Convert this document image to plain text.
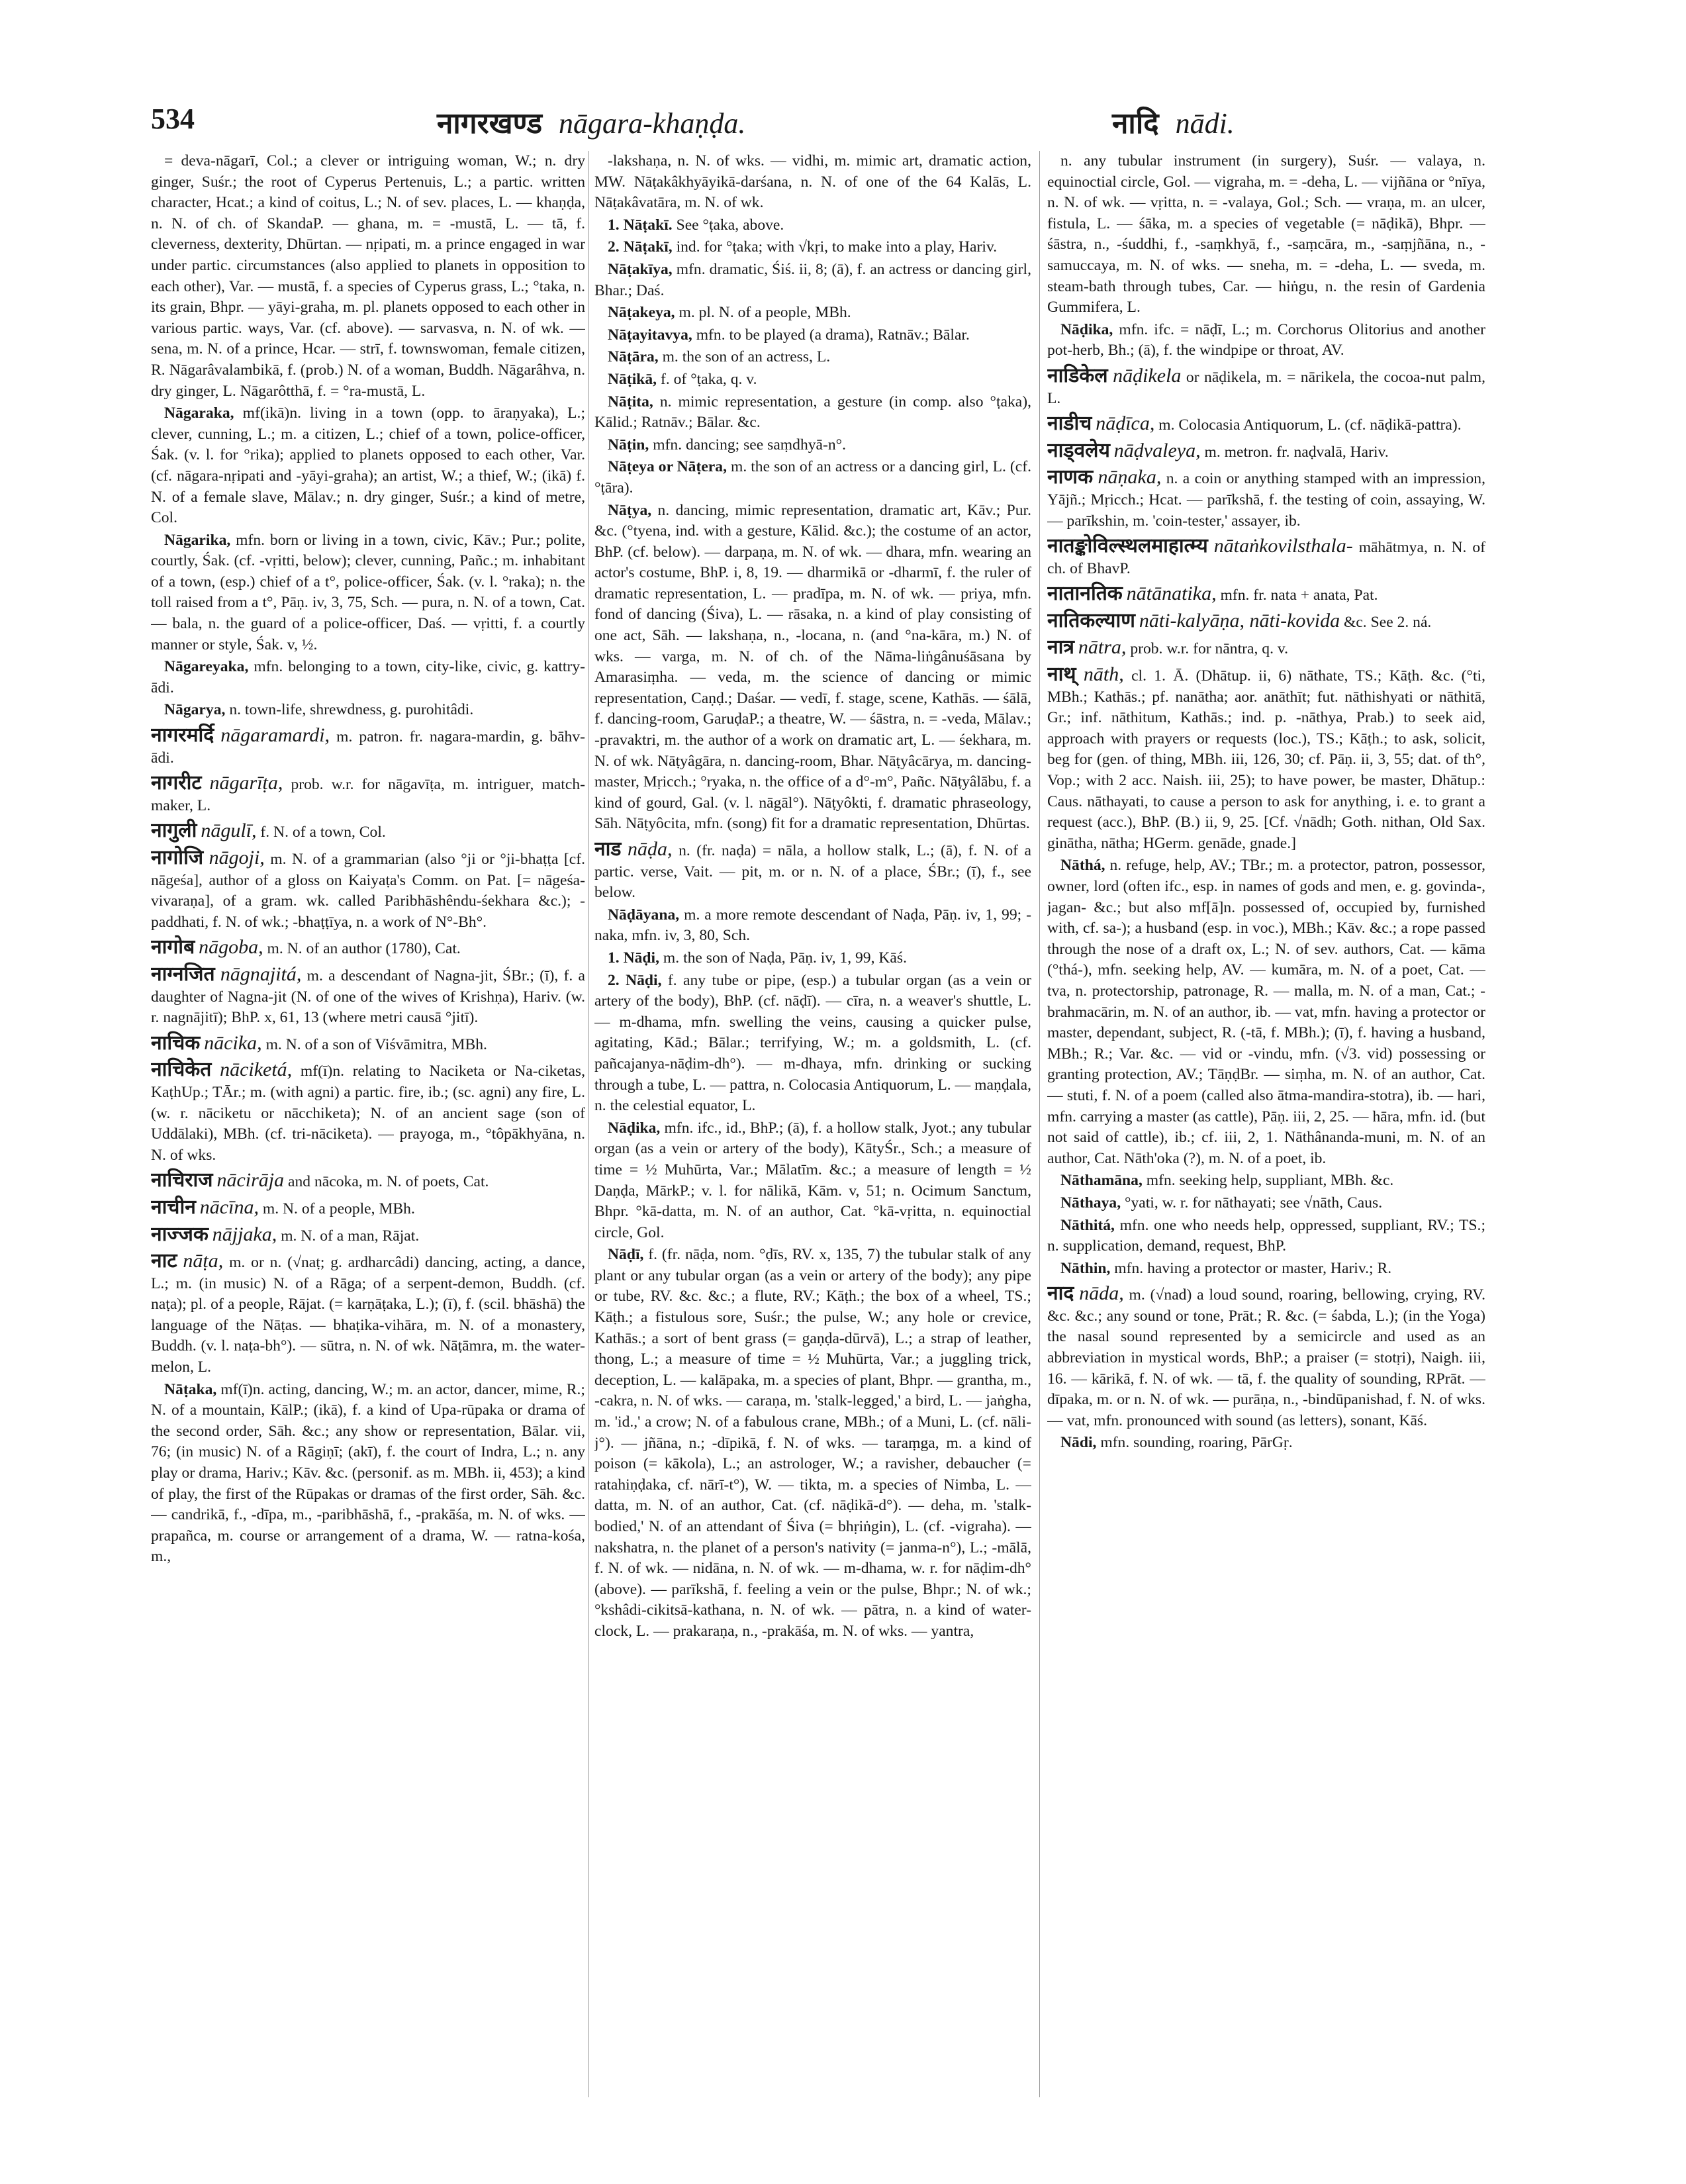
534	नागरखण्ड nāgara-khaṇḍa.	नादि nādi.

= deva-nāgarī, Col.; a clever or intriguing woman, W.; n. dry ginger, Suśr.; the root of Cyperus Pertenuis, L.; a partic. written character, Hcat.; a kind of coitus, L.; N. of sev. places, L. — khaṇḍa, n. N. of ch. of SkandaP. — ghana, m. = -mustā, L. — tā, f. cleverness, dexterity, Dhūrtan. — nṛipati, m. a prince engaged in war under partic. circumstances (also applied to planets in opposition to each other), Var. — mustā, f. a species of Cyperus grass, L.; °taka, n. its grain, Bhpr. — yāyi-graha, m. pl. planets opposed to each other in various partic. ways, Var. (cf. above). — sarvasva, n. N. of wk. — sena, m. N. of a prince, Hcar. — strī, f. townswoman, female citizen, R. Nāgarâvalambikā, f. (prob.) N. of a woman, Buddh. Nāgarâhva, n. dry ginger, L. Nāgarôtthā, f. = °ra-mustā, L.

Nāgaraka, mf(ikā)n. living in a town (opp. to āraṇyaka), L.; clever, cunning, L.; m. a citizen, L.; chief of a town, police-officer, Śak. (v. l. for °rika); applied to planets opposed to each other, Var. (cf. nāgara-nṛipati and -yāyi-graha); an artist, W.; a thief, W.; (ikā) f. N. of a female slave, Mālav.; n. dry ginger, Suśr.; a kind of metre, Col.

Nāgarika, mfn. born or living in a town, civic, Kāv.; Pur.; polite, courtly, Śak. (cf. -vṛitti, below); clever, cunning, Pañc.; m. inhabitant of a town, (esp.) chief of a t°, police-officer, Śak. (v. l. °raka); n. the toll raised from a t°, Pāṇ. iv, 3, 75, Sch. — pura, n. N. of a town, Cat. — bala, n. the guard of a police-officer, Daś. — vṛitti, f. a courtly manner or style, Śak. v, ½.

Nāgareyaka, mfn. belonging to a town, city-like, civic, g. kattry-ādi.

Nāgarya, n. town-life, shrewdness, g. purohitâdi.

नागरमर्दि nāgaramardi, m. patron. fr. nagara-mardin, g. bāhv-ādi.

नागरीट nāgarīṭa, prob. w.r. for nāgavīṭa, m. intriguer, match-maker, L.

नागुली nāgulī, f. N. of a town, Col.

नागोजि nāgoji, m. N. of a grammarian (also °ji or °ji-bhaṭṭa [cf. nāgeśa], author of a gloss on Kaiyaṭa's Comm. on Pat. [= nāgeśa-vivaraṇa], of a gram. wk. called Paribhāshêndu-śekhara &c.); -paddhati, f. N. of wk.; -bhaṭṭīya, n. a work of N°-Bh°.

नागोब nāgoba, m. N. of an author (1780), Cat.

नाग्नजित nāgnajitá, m. a descendant of Nagna-jit, ŚBr.; (ī), f. a daughter of Nagna-jit (N. of one of the wives of Krishṇa), Hariv. (w. r. nagnājitī); BhP. x, 61, 13 (where metri causā °jitī).

नाचिक nācika, m. N. of a son of Viśvāmitra, MBh.

नाचिकेत nāciketá, mf(ī)n. relating to Naciketa or Na-ciketas, KaṭhUp.; TĀr.; m. (with agni) a partic. fire, ib.; (sc. agni) any fire, L. (w. r. nāciketu or nācchiketa); N. of an ancient sage (son of Uddālaki), MBh. (cf. tri-nāciketa). — prayoga, m., °tôpākhyāna, n. N. of wks.

नाचिराज nācirāja and nācoka, m. N. of poets, Cat.

नाचीन nācīna, m. N. of a people, MBh.

नाज्जक nājjaka, m. N. of a man, Rājat.

नाट nāṭa, m. or n. (√naṭ; g. ardharcâdi) dancing, acting, a dance, L.; m. (in music) N. of a Rāga; of a serpent-demon, Buddh. (cf. naṭa); pl. of a people, Rājat. (= karṇāṭaka, L.); (ī), f. (scil. bhāshā) the language of the Nāṭas. — bhaṭika-vihāra, m. N. of a monastery, Buddh. (v. l. naṭa-bh°). — sūtra, n. N. of wk. Nāṭāmra, m. the water-melon, L.

Nāṭaka, mf(ī)n. acting, dancing, W.; m. an actor, dancer, mime, R.; N. of a mountain, KālP.; (ikā), f. a kind of Upa-rūpaka or drama of the second order, Sāh. &c.; any show or representation, Bālar. vii, 76; (in music) N. of a Rāgiṇī; (akī), f. the court of Indra, L.; n. any play or drama, Hariv.; Kāv. &c. (personif. as m. MBh. ii, 453); a kind of play, the first of the Rūpakas or dramas of the first order, Sāh. &c. — candrikā, f., -dīpa, m., -paribhāshā, f., -prakāśa, m. N. of wks. — prapañca, m. course or arrangement of a drama, W. — ratna-kośa, m.,

-lakshaṇa, n. N. of wks. — vidhi, m. mimic art, dramatic action, MW. Nāṭakâkhyāyikā-darśana, n. N. of one of the 64 Kalās, L. Nāṭakâvatāra, m. N. of wk.

1. Nāṭakī. See °ṭaka, above.

2. Nāṭakī, ind. for °ṭaka; with √kṛi, to make into a play, Hariv.

Nāṭakīya, mfn. dramatic, Śiś. ii, 8; (ā), f. an actress or dancing girl, Bhar.; Daś.

Nāṭakeya, m. pl. N. of a people, MBh.

Nāṭayitavya, mfn. to be played (a drama), Ratnāv.; Bālar.

Nāṭāra, m. the son of an actress, L.

Nāṭikā, f. of °ṭaka, q. v.

Nāṭita, n. mimic representation, a gesture (in comp. also °ṭaka), Kālid.; Ratnāv.; Bālar. &c.

Nāṭin, mfn. dancing; see saṃdhyā-n°.

Nāṭeya or Nāṭera, m. the son of an actress or a dancing girl, L. (cf. °ṭāra).

Nāṭya, n. dancing, mimic representation, dramatic art, Kāv.; Pur. &c. (°tyena, ind. with a gesture, Kālid. &c.); the costume of an actor, BhP. (cf. below). — darpaṇa, m. N. of wk. — dhara, mfn. wearing an actor's costume, BhP. i, 8, 19. — dharmikā or -dharmī, f. the ruler of dramatic representation, L. — pradīpa, m. N. of wk. — priya, mfn. fond of dancing (Śiva), L. — rāsaka, n. a kind of play consisting of one act, Sāh. — lakshaṇa, n., -locana, n. (and °na-kāra, m.) N. of wks. — varga, m. N. of ch. of the Nāma-liṅgânuśāsana by Amarasiṃha. — veda, m. the science of dancing or mimic representation, Caṇḍ.; Daśar. — vedī, f. stage, scene, Kathās. — śālā, f. dancing-room, GaruḍaP.; a theatre, W. — śāstra, n. = -veda, Mālav.; -pravaktri, m. the author of a work on dramatic art, L. — śekhara, m. N. of wk. Nāṭyâgāra, n. dancing-room, Bhar. Nāṭyâcārya, m. dancing-master, Mṛicch.; °ryaka, n. the office of a d°-m°, Pañc. Nāṭyâlābu, f. a kind of gourd, Gal. (v. l. nāgāl°). Nāṭyôkti, f. dramatic phraseology, Sāh. Nāṭyôcita, mfn. (song) fit for a dramatic representation, Dhūrtas.

नाड nāḍa, n. (fr. naḍa) = nāla, a hollow stalk, L.; (ā), f. N. of a partic. verse, Vait. — pit, m. or n. N. of a place, ŚBr.; (ī), f., see below.

Nāḍāyana, m. a more remote descendant of Naḍa, Pāṇ. iv, 1, 99; -naka, mfn. iv, 3, 80, Sch.

1. Nāḍi, m. the son of Naḍa, Pāṇ. iv, 1, 99, Kāś.

2. Nāḍi, f. any tube or pipe, (esp.) a tubular organ (as a vein or artery of the body), BhP. (cf. nāḍī). — cīra, n. a weaver's shuttle, L. — m-dhama, mfn. swelling the veins, causing a quicker pulse, agitating, Kād.; Bālar.; terrifying, W.; m. a goldsmith, L. (cf. pañcajanya-nāḍim-dh°). — m-dhaya, mfn. drinking or sucking through a tube, L. — pattra, n. Colocasia Antiquorum, L. — maṇḍala, n. the celestial equator, L.

Nāḍika, mfn. ifc., id., BhP.; (ā), f. a hollow stalk, Jyot.; any tubular organ (as a vein or artery of the body), KātyŚr., Sch.; a measure of time = ½ Muhūrta, Var.; Mālatīm. &c.; a measure of length = ½ Daṇḍa, MārkP.; v. l. for nālikā, Kām. v, 51; n. Ocimum Sanctum, Bhpr. °kā-datta, m. N. of an author, Cat. °kā-vṛitta, n. equinoctial circle, Gol.

Nāḍī, f. (fr. nāḍa, nom. °ḍīs, RV. x, 135, 7) the tubular stalk of any plant or any tubular organ (as a vein or artery of the body); any pipe or tube, RV. &c. &c.; a flute, RV.; Kāṭh.; the box of a wheel, TS.; Kāṭh.; a fistulous sore, Suśr.; the pulse, W.; any hole or crevice, Kathās.; a sort of bent grass (= gaṇḍa-dūrvā), L.; a strap of leather, thong, L.; a measure of time = ½ Muhūrta, Var.; a juggling trick, deception, L. — kalāpaka, m. a species of plant, Bhpr. — grantha, m., -cakra, n. N. of wks. — caraṇa, m. 'stalk-legged,' a bird, L. — jaṅgha, m. 'id.,' a crow; N. of a fabulous crane, MBh.; of a Muni, L. (cf. nāli-j°). — jñāna, n.; -dīpikā, f. N. of wks. — taraṃga, m. a kind of poison (= kākola), L.; an astrologer, W.; a ravisher, debaucher (= ratahiṇḍaka, cf. nārī-t°), W. — tikta, m. a species of Nimba, L. — datta, m. N. of an author, Cat. (cf. nāḍikā-d°). — deha, m. 'stalk-bodied,' N. of an attendant of Śiva (= bhṛiṅgin), L. (cf. -vigraha). — nakshatra, n. the planet of a person's nativity (= janma-n°), L.; -mālā, f. N. of wk. — nidāna, n. N. of wk. — m-dhama, w. r. for nāḍim-dh° (above). — parīkshā, f. feeling a vein or the pulse, Bhpr.; N. of wk.; °kshâdi-cikitsā-kathana, n. N. of wk. — pātra, n. a kind of water-clock, L. — prakaraṇa, n., -prakāśa, m. N. of wks. — yantra,

n. any tubular instrument (in surgery), Suśr. — valaya, n. equinoctial circle, Gol. — vigraha, m. = -deha, L. — vijñāna or °nīya, n. N. of wk. — vṛitta, n. = -valaya, Gol.; Sch. — vraṇa, m. an ulcer, fistula, L. — śāka, m. a species of vegetable (= nāḍikā), Bhpr. — śāstra, n., -śuddhi, f., -saṃkhyā, f., -saṃcāra, m., -saṃjñāna, n., -samuccaya, m. N. of wks. — sneha, m. = -deha, L. — sveda, m. steam-bath through tubes, Car. — hiṅgu, n. the resin of Gardenia Gummifera, L.

Nāḍika, mfn. ifc. = nāḍī, L.; m. Corchorus Olitorius and another pot-herb, Bh.; (ā), f. the windpipe or throat, AV.

नाडिकेल nāḍikela or nāḍikela, m. = nārikela, the cocoa-nut palm, L.

नाडीच nāḍīca, m. Colocasia Antiquorum, L. (cf. nāḍikā-pattra).

नाड्वलेय nāḍvaleya, m. metron. fr. naḍvalā, Hariv.

नाणक nāṇaka, n. a coin or anything stamped with an impression, Yājñ.; Mṛicch.; Hcat. — parīkshā, f. the testing of coin, assaying, W. — parīkshin, m. 'coin-tester,' assayer, ib.

नातङ्कोविल्स्थलमाहात्म्य nātaṅkovilsthala- māhātmya, n. N. of ch. of BhavP.

नातानतिक nātānatika, mfn. fr. nata + anata, Pat.

नातिकल्याण nāti-kalyāṇa, nāti-kovida &c. See 2. ná.

नात्र nātra, prob. w.r. for nāntra, q. v.

नाथ् nāth, cl. 1. Ā. (Dhātup. ii, 6) nāthate, TS.; Kāṭh. &c. (°ti, MBh.; Kathās.; pf. nanātha; aor. anāthīt; fut. nāthishyati or nāthitā, Gr.; inf. nāthitum, Kathās.; ind. p. -nāthya, Prab.) to seek aid, approach with prayers or requests (loc.), TS.; Kāṭh.; to ask, solicit, beg for (gen. of thing, MBh. iii, 126, 30; cf. Pāṇ. ii, 3, 55; dat. of th°, Vop.; with 2 acc. Naish. iii, 25); to have power, be master, Dhātup.: Caus. nāthayati, to cause a person to ask for anything, i. e. to grant a request (acc.), BhP. (B.) ii, 9, 25. [Cf. √nādh; Goth. nithan, Old Sax. ginātha, nātha; HGerm. genāde, gnade.]

Nāthá, n. refuge, help, AV.; TBr.; m. a protector, patron, possessor, owner, lord (often ifc., esp. in names of gods and men, e. g. govinda-, jagan- &c.; but also mf[ā]n. possessed of, occupied by, furnished with, cf. sa-); a husband (esp. in voc.), MBh.; Kāv. &c.; a rope passed through the nose of a draft ox, L.; N. of sev. authors, Cat. — kāma (°thá-), mfn. seeking help, AV. — kumāra, m. N. of a poet, Cat. — tva, n. protectorship, patronage, R. — malla, m. N. of a man, Cat.; -brahmacārin, m. N. of an author, ib. — vat, mfn. having a protector or master, dependant, subject, R. (-tā, f. MBh.); (ī), f. having a husband, MBh.; R.; Var. &c. — vid or -vindu, mfn. (√3. vid) possessing or granting protection, AV.; TāṇḍBr. — siṃha, m. N. of an author, Cat. — stuti, f. N. of a poem (called also ātma-mandira-stotra), ib. — hari, mfn. carrying a master (as cattle), Pāṇ. iii, 2, 25. — hāra, mfn. id. (but not said of cattle), ib.; cf. iii, 2, 1. Nāthânanda-muni, m. N. of an author, Cat. Nāth'oka (?), m. N. of a poet, ib.

Nāthamāna, mfn. seeking help, suppliant, MBh. &c.

Nāthaya, °yati, w. r. for nāthayati; see √nāth, Caus.

Nāthitá, mfn. one who needs help, oppressed, suppliant, RV.; TS.; n. supplication, demand, request, BhP.

Nāthin, mfn. having a protector or master, Hariv.; R.

नाद nāda, m. (√nad) a loud sound, roaring, bellowing, crying, RV. &c. &c.; any sound or tone, Prāt.; R. &c. (= śabda, L.); (in the Yoga) the nasal sound represented by a semicircle and used as an abbreviation in mystical words, BhP.; a praiser (= stotṛi), Naigh. iii, 16. — kārikā, f. N. of wk. — tā, f. the quality of sounding, RPrāt. — dīpaka, m. or n. N. of wk. — purāṇa, n., -bindūpanishad, f. N. of wks. — vat, mfn. pronounced with sound (as letters), sonant, Kāś.

Nādi, mfn. sounding, roaring, PārGṛ.
